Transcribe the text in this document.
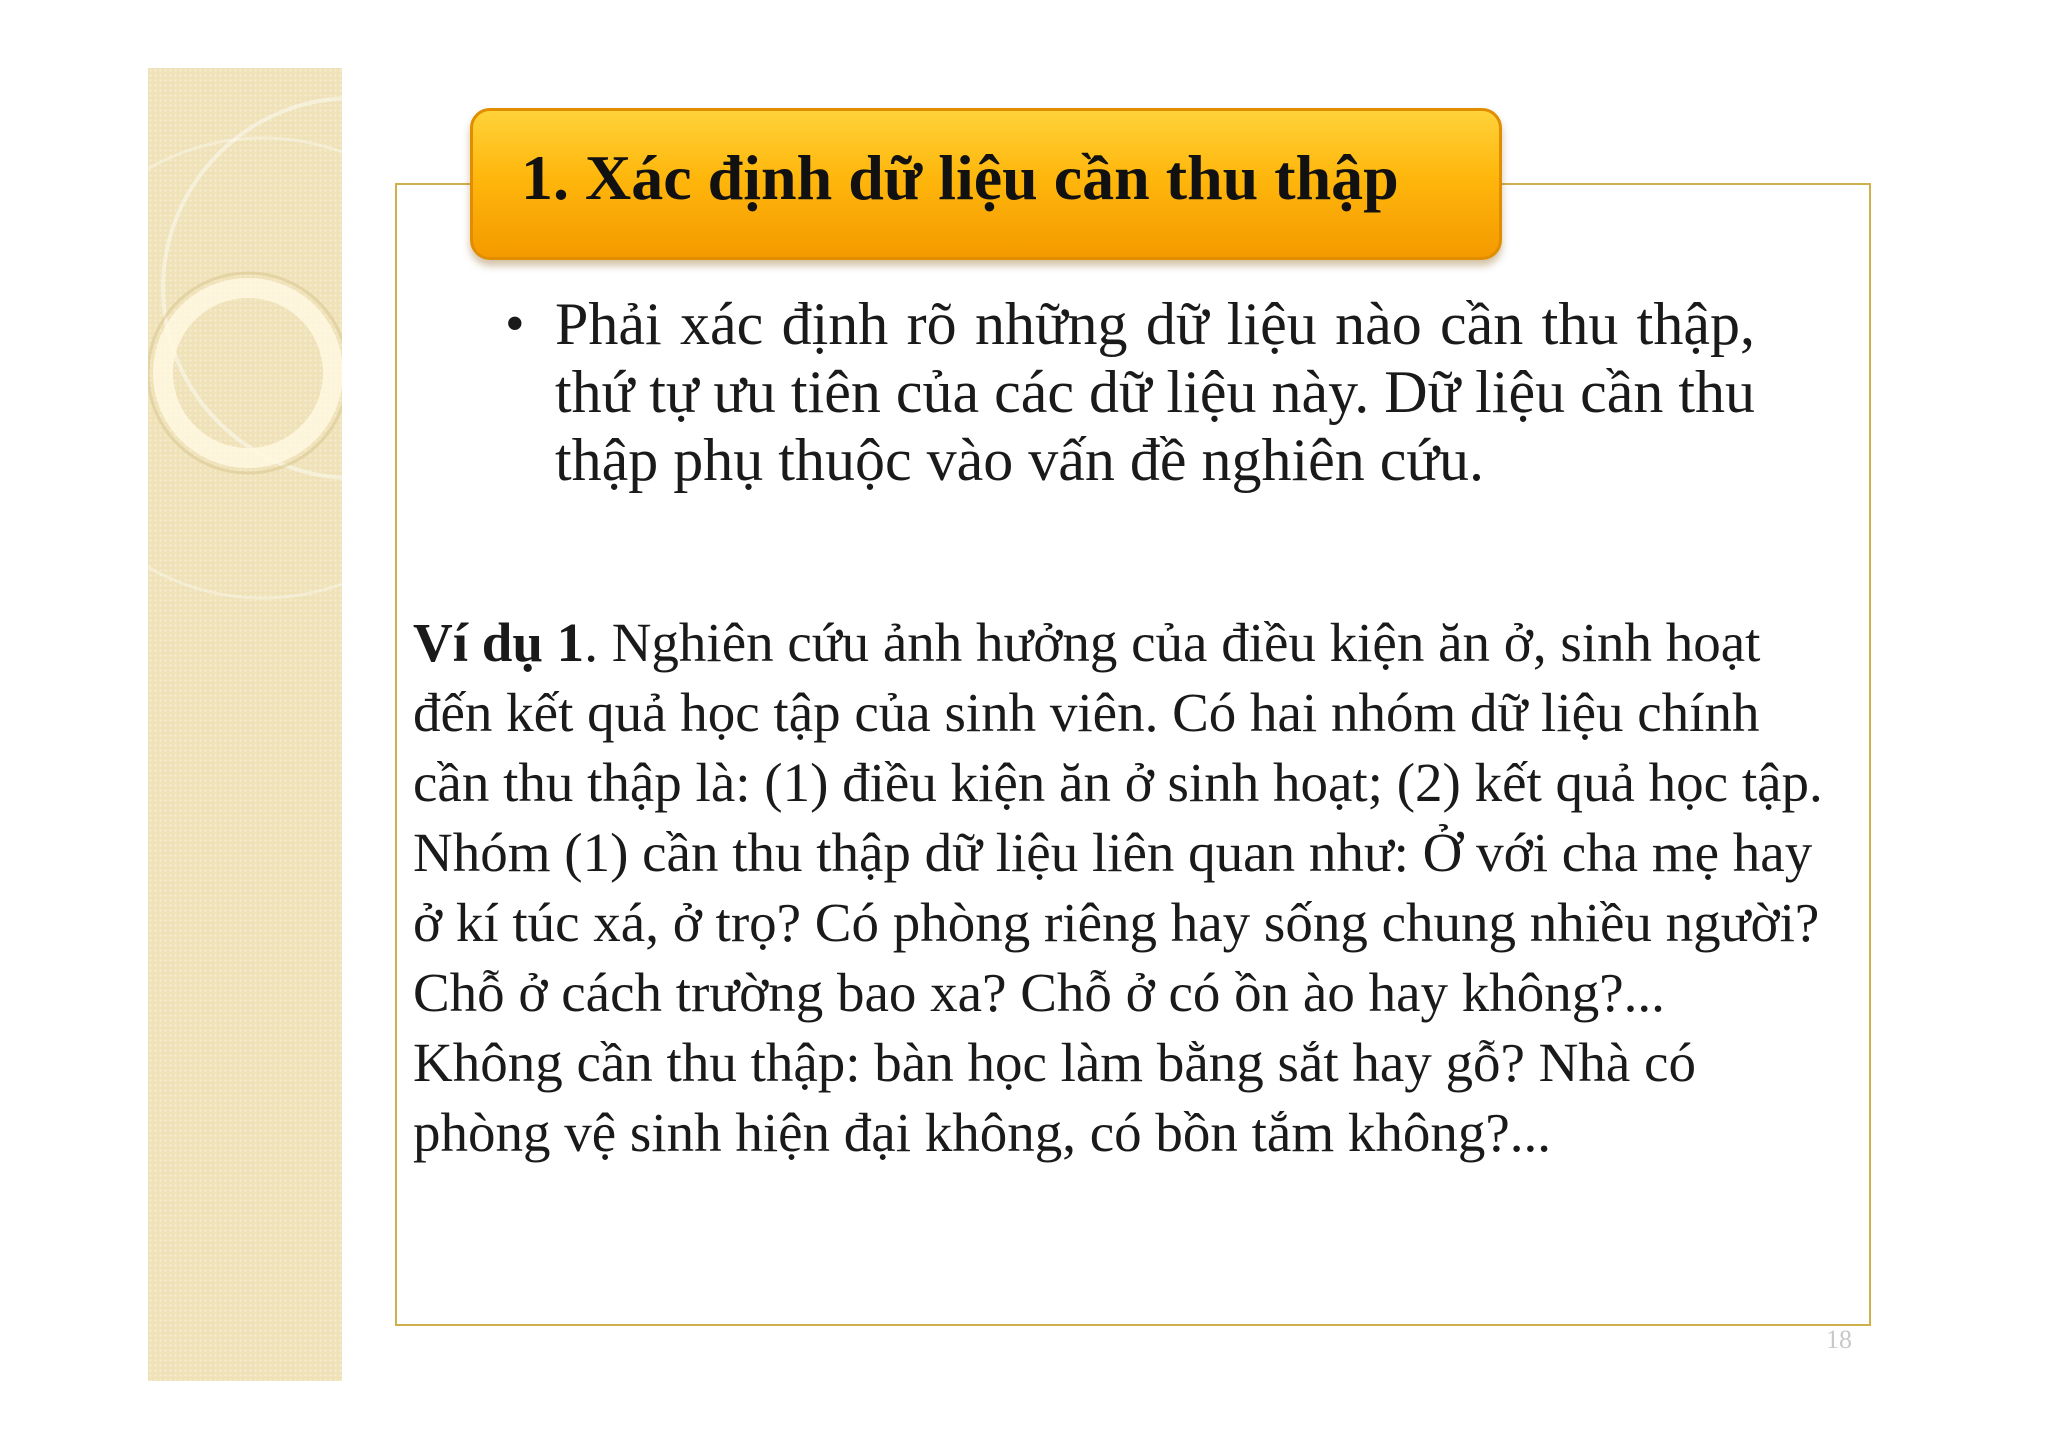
1. Xác định dữ liệu cần thu thập
• Phải xác định rõ những dữ liệu nào cần thu thập, thứ tự ưu tiên của các dữ liệu này. Dữ liệu cần thu thập phụ thuộc vào vấn đề nghiên cứu.

Ví dụ 1. Nghiên cứu ảnh hưởng của điều kiện ăn ở, sinh hoạt đến kết quả học tập của sinh viên. Có hai nhóm dữ liệu chính cần thu thập là: (1) điều kiện ăn ở sinh hoạt; (2) kết quả học tập.

Nhóm (1) cần thu thập dữ liệu liên quan như: Ở với cha mẹ hay ở kí túc xá, ở trọ? Có phòng riêng hay sống chung nhiều người? Chỗ ở cách trường bao xa? Chỗ ở có ồn ào hay không?...

Không cần thu thập: bàn học làm bằng sắt hay gỗ? Nhà có phòng vệ sinh hiện đại không, có bồn tắm không?...

18
